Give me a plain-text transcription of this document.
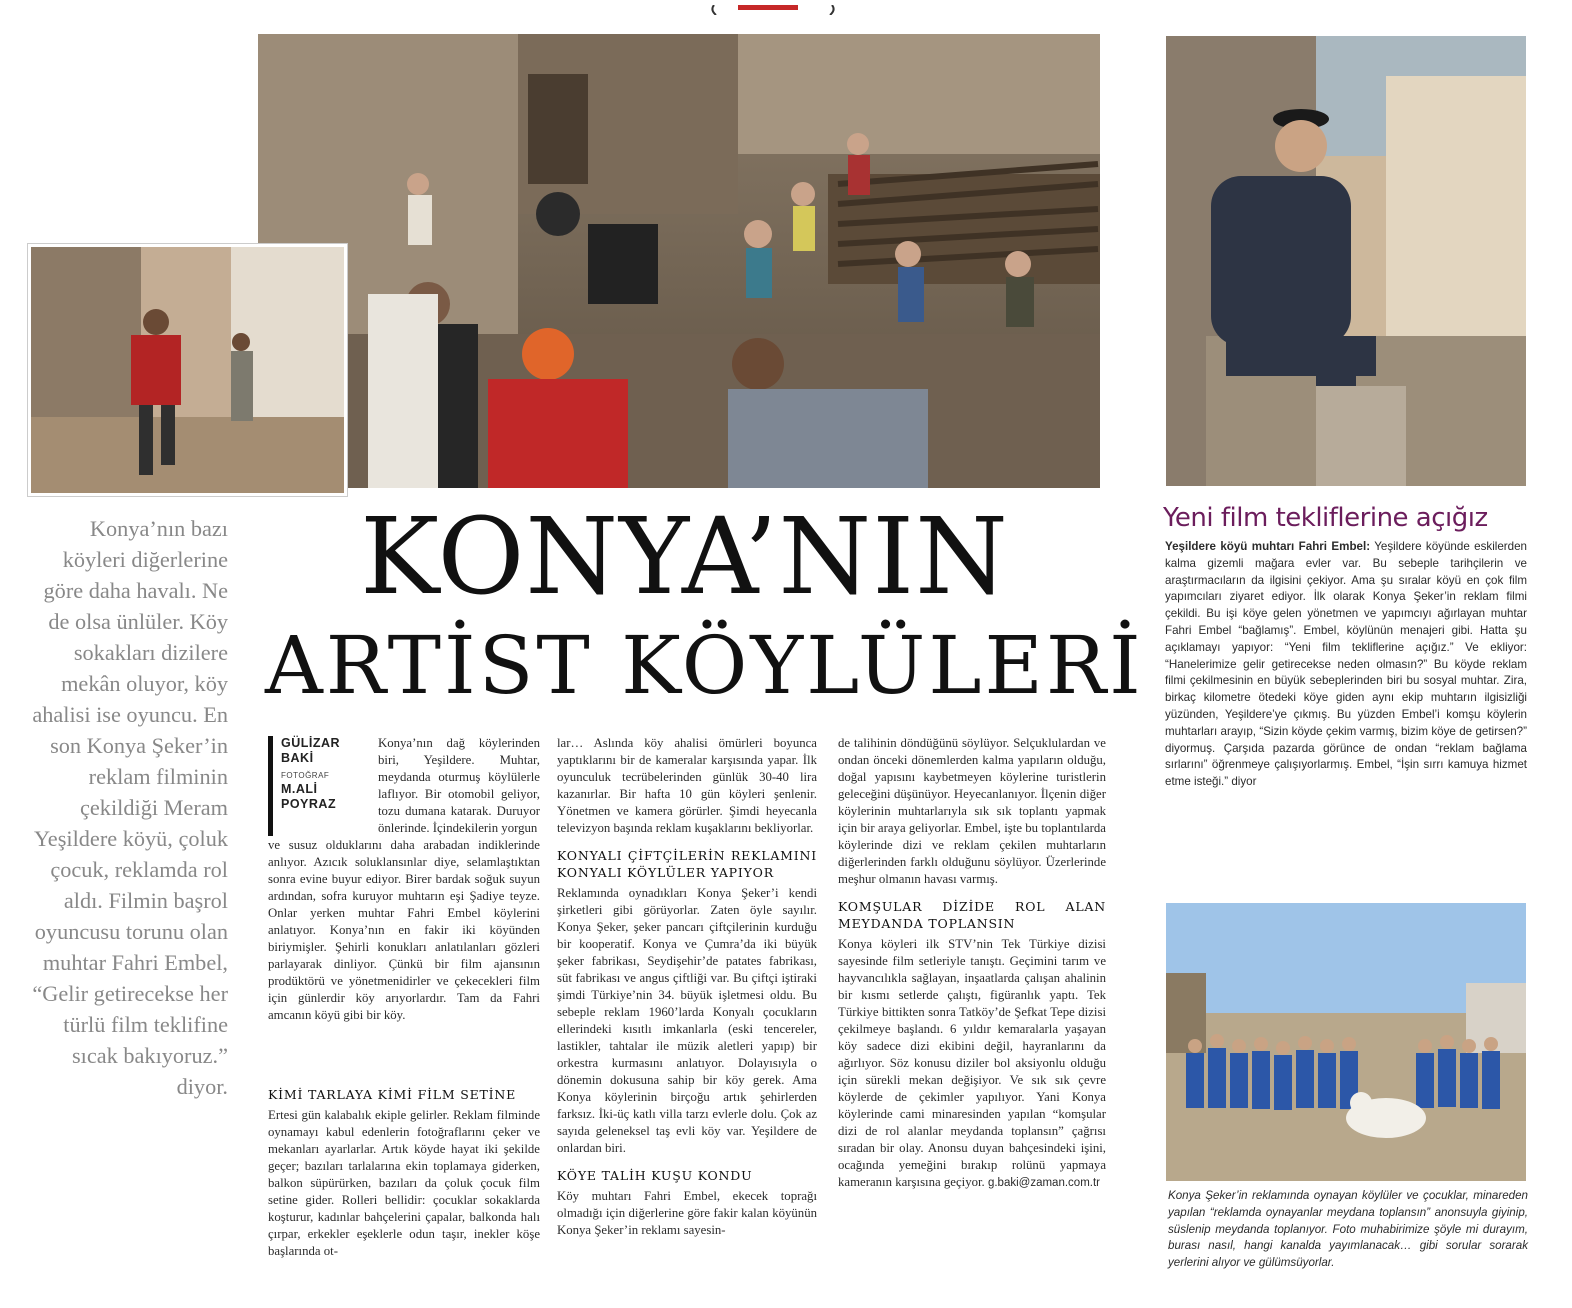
KONYA’NIN
ARTİST KÖYLÜLERİ
Konya’nın bazı köyleri diğerlerine göre daha havalı. Ne de olsa ünlüler. Köy sokakları dizilere mekân oluyor, köy ahalisi ise oyuncu. En son Konya Şeker’in reklam filminin çekildiği Meram Yeşildere köyü, çoluk çocuk, reklamda rol aldı. Filmin başrol oyuncusu torunu olan muhtar Fahri Embel, “Gelir getirecekse her türlü film teklifine sıcak bakıyoruz.” diyor.
GÜLİZAR
BAKİ
FOTOĞRAF
M.ALİ
POYRAZ

Konya’nın dağ köylerinden biri, Yeşildere. Muhtar, meydanda oturmuş köylülerle laflıyor. Bir otomobil geliyor, tozu dumana katarak. Duruyor önlerinde. İçindekilerin yorgun

ve susuz olduklarını daha arabadan indiklerinde anlıyor. Azıcık soluklansınlar diye, selamlaştıktan sonra evine buyur ediyor. Birer bardak soğuk suyun ardından, sofra kuruyor muhtarın eşi Şadiye teyze. Onlar yerken muhtar Fahri Embel köylerini anlatıyor. Konya’nın en fakir iki köyünden biriymişler. Şehirli konukları anlatılanları gözleri parlayarak dinliyor. Çünkü bir film ajansının prodüktörü ve yönetmenidirler ve çekecekleri film için günlerdir köy arıyorlardır. Tam da Fahri amcanın köyü gibi bir köy.

KİMİ TARLAYA KİMİ FİLM SETİNE

Ertesi gün kalabalık ekiple gelirler. Reklam filminde oynamayı kabul edenlerin fotoğraflarını çeker ve mekanları ayarlarlar. Artık köyde hayat iki şekilde geçer; bazıları tarlalarına ekin toplamaya giderken, balkon süpürürken, bazıları da çoluk çocuk film setine gider. Rolleri bellidir: çocuklar sokaklarda koşturur, kadınlar bahçelerini çapalar, balkonda halı çırpar, erkekler eşeklerle odun taşır, inekler köşe başlarında ot-

lar… Aslında köy ahalisi ömürleri boyunca yaptıklarını bir de kameralar karşısında yapar. İlk oyunculuk tecrübelerinden günlük 30-40 lira kazanırlar. Bir hafta 10 gün köyleri şenlenir. Yönetmen ve kamera görürler. Şimdi heyecanla televizyon başında reklam kuşaklarını bekliyorlar.

KONYALI ÇİFTÇİLERİN REKLAMINI KONYALI KÖYLÜLER YAPIYOR

Reklamında oynadıkları Konya Şeker’i kendi şirketleri gibi görüyorlar. Zaten öyle sayılır. Konya Şeker, şeker pancarı çiftçilerinin kurduğu bir kooperatif. Konya ve Çumra’da iki büyük şeker fabrikası, Seydişehir’de patates fabrikası, süt fabrikası ve angus çiftliği var. Bu çiftçi iştiraki şimdi Türkiye’nin 34. büyük işletmesi oldu. Bu sebeple reklam 1960’larda Konyalı çocukların ellerindeki kısıtlı imkanlarla (eski tencereler, lastikler, tahtalar ile müzik aletleri yapıp) bir orkestra kurmasını anlatıyor. Dolayısıyla o dönemin dokusuna sahip bir köy gerek. Ama Konya köylerinin birçoğu artık şehirlerden farksız. İki-üç katlı villa tarzı evlerle dolu. Çok az sayıda geleneksel taş evli köy var. Yeşildere de onlardan biri.

KÖYE TALİH KUŞU KONDU

Köy muhtarı Fahri Embel, ekecek toprağı olmadığı için diğerlerine göre fakir kalan köyünün Konya Şeker’in reklamı sayesin-

de talihinin döndüğünü söylüyor. Selçuklulardan ve ondan önceki dönemlerden kalma yapıların olduğu, doğal yapısını kaybetmeyen köylerine turistlerin geleceğini düşünüyor. Heyecanlanıyor. İlçenin diğer köylerinin muhtarlarıyla sık sık toplantı yapmak için bir araya geliyorlar. Embel, işte bu toplantılarda köylerinde dizi ve reklam çekilen muhtarların diğerlerinden farklı olduğunu söylüyor. Üzerlerinde meşhur olmanın havası varmış.

KOMŞULAR DİZİDE ROL ALAN MEYDANDA TOPLANSIN

Konya köyleri ilk STV’nin Tek Türkiye dizisi sayesinde film setleriyle tanıştı. Geçimini tarım ve hayvancılıkla sağlayan, inşaatlarda çalışan ahalinin bir kısmı setlerde çalıştı, figüranlık yaptı. Tek Türkiye bittikten sonra Tatköy’de Şefkat Tepe dizisi çekilmeye başlandı. 6 yıldır kemaralarla yaşayan köy sadece dizi ekibini değil, hayranlarını da ağırlıyor. Söz konusu diziler bol aksiyonlu olduğu için sürekli mekan değişiyor. Ve sık sık çevre köylerde de çekimler yapılıyor. Yani Konya köylerinde cami minaresinden yapılan “komşular dizi de rol alanlar meydanda toplansın” çağrısı sıradan bir olay. Anonsu duyan bahçesindeki işini, ocağında yemeğini bırakıp rolünü yapmaya kameranın karşısına geçiyor. g.baki@zaman.com.tr

Yeni film tekliflerine açığız
Yeşildere köyü muhtarı Fahri Embel: Yeşildere köyünde eskilerden kalma gizemli mağara evler var. Bu sebeple tarihçilerin ve araştırmacıların da ilgisini çekiyor. Ama şu sıralar köyü en çok film yapımcıları ziyaret ediyor. İlk olarak Konya Şeker’in reklam filmi çekildi. Bu işi köye gelen yönetmen ve yapımcıyı ağırlayan muhtar Fahri Embel “bağlamış”. Embel, köylünün menajeri gibi. Hatta şu açıklamayı yapıyor: “Yeni film tekliflerine açığız.” Ve ekliyor: “Hanelerimize gelir getirecekse neden olmasın?” Bu köyde reklam filmi çekilmesinin en büyük sebeplerinden biri bu sosyal muhtar. Zira, birkaç kilometre ötedeki köye giden aynı ekip muhtarın ilgisizliği yüzünden, Yeşildere’ye çıkmış. Bu yüzden Embel’i komşu köylerin muhtarları arayıp, “Sizin köyde çekim varmış, bizim köye de getirsen?” diyormuş. Çarşıda pazarda görünce de ondan “reklam bağlama sırlarını” öğrenmeye çalışıyorlarmış. Embel, “İşin sırrı kamuya hizmet etme isteği.” diyor
Konya Şeker’in reklamında oynayan köylüler ve çocuklar, minareden yapılan “reklamda oynayanlar meydana toplansın” anonsuyla giyinip, süslenip meydanda toplanıyor. Foto muhabirimize şöyle mi durayım, burası nasıl, hangi kanalda yayımlanacak… gibi sorular sorarak yerlerini alıyor ve gülümsüyorlar.
